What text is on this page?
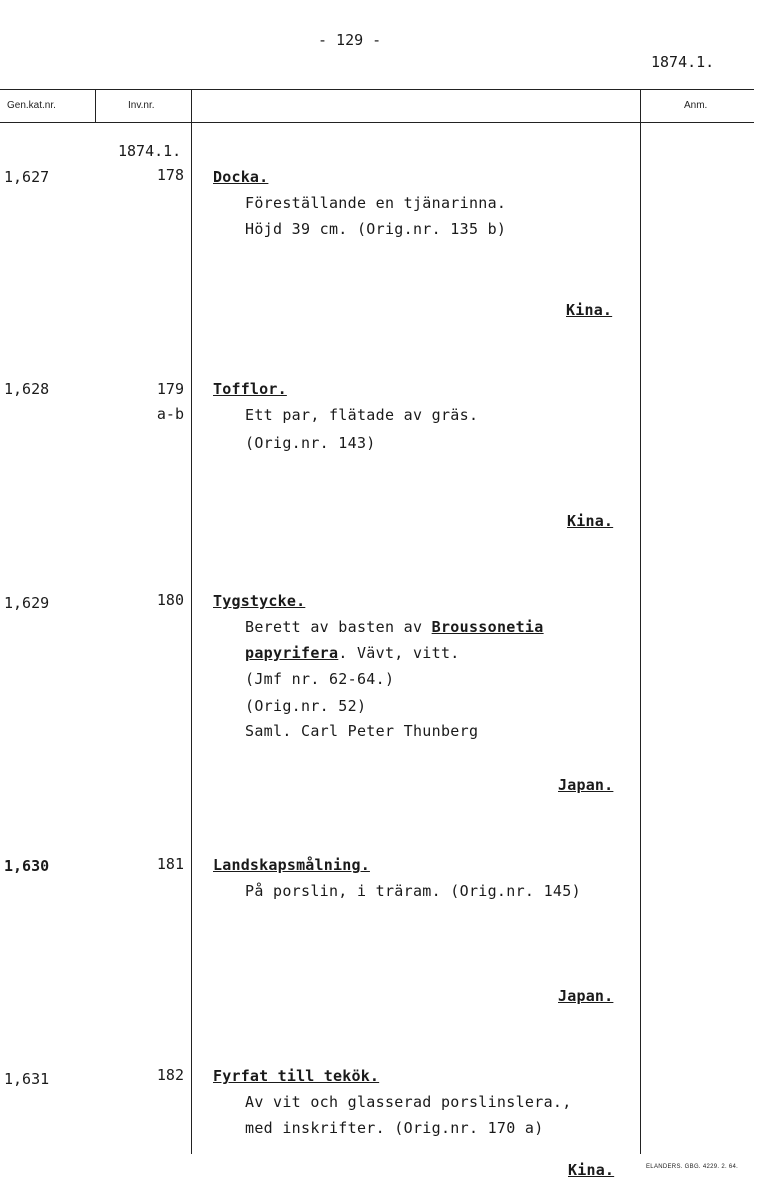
- 129 -
1874.1.
Gen.kat.nr.	Inv.nr.	Anm.
1874.1.
1,627	178 Docka.
Föreställande en tjänarinna.
Höjd 39 cm. (Orig.nr. 135 b)
Kina.
1,628	179
a-b
Tofflor.
Ett par, flätade av gräs.
(Orig.nr. 143)
Kina.
1,629	180 Tygstycke.
Berett av basten av Broussonetia
papyrifera. Vävt, vitt.
(Jmf nr. 62-64.)
(Orig.nr. 52)
Saml. Carl Peter Thunberg
Japan.
1,630	181 Landskapsmålning.
På porslin, i träram. (Orig.nr. 145)
Japan.
1,631	182 Fyrfat till tekök.
Av vit och glasserad porslinslera.,
med inskrifter. (Orig.nr. 170 a)
Kina.	ELANDERS. GBG. 4229. 2. 64.
